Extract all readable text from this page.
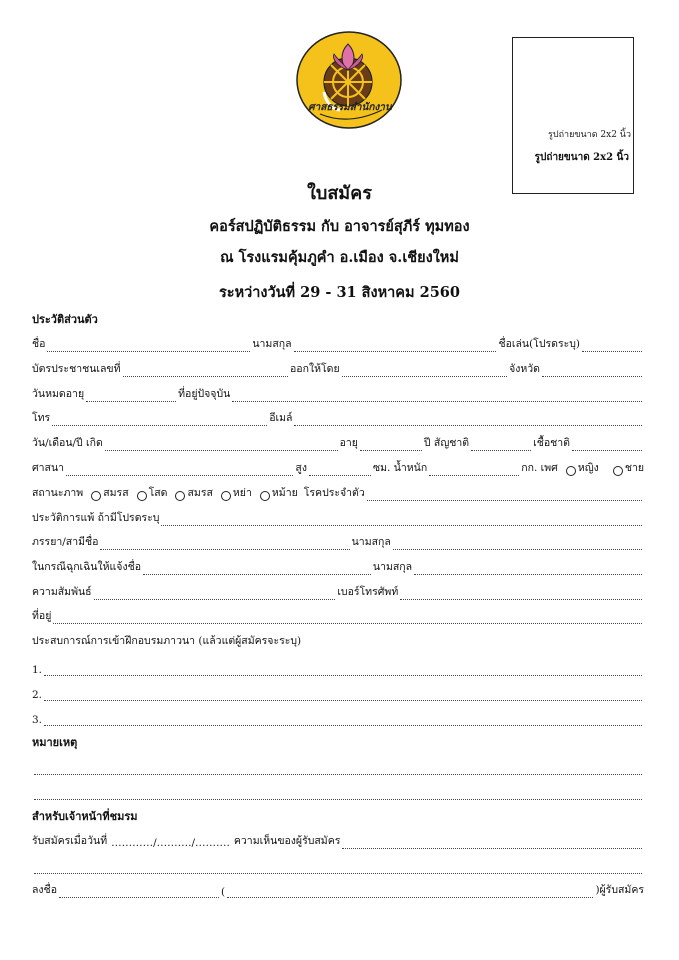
ศาสธรรมสำนักงาน
รูปถ่ายขนาด 2x2 นิ้ว
รูปถ่ายขนาด 2x2 นิ้ว
ใบสมัคร
คอร์สปฏิบัติธรรม กับ อาจารย์สุภีร์ ทุมทอง
ณ โรงแรมคุ้มภูคำ อ.เมือง จ.เชียงใหม่
ระหว่างวันที่ 29 - 31 สิงหาคม 2560
ประวัติส่วนตัว
ชื่อ	นามสกุล	ชื่อเล่น(โปรดระบุ)
บัตรประชาชนเลขที่	ออกให้โดย	จังหวัด
วันหมดอายุ	ที่อยู่ปัจจุบัน
โทร	อีเมล์
วัน/เดือน/ปี เกิด	อายุ	ปี สัญชาติ	เชื้อชาติ
ศาสนา	สูง	ซม. น้ำหนัก	กก. เพศ หญิง ชาย
สถานะภาพ สมรส โสด สมรส หย่า หม้าย โรคประจำตัว
ประวัติการแพ้ ถ้ามีโปรดระบุ
ภรรยา/สามีชื่อ	นามสกุล
ในกรณีฉุกเฉินให้แจ้งชื่อ	นามสกุล
ความสัมพันธ์	เบอร์โทรศัพท์
ที่อยู่
ประสบการณ์การเข้าฝึกอบรมภาวนา (แล้วแต่ผู้สมัครจะระบุ)
1.
2.
3.
หมายเหตุ
สำหรับเจ้าหน้าที่ชมรม
รับสมัครเมื่อวันที่ …………/………./………. ความเห็นของผู้รับสมัคร
ลงชื่อ	(	)ผู้รับสมัคร
